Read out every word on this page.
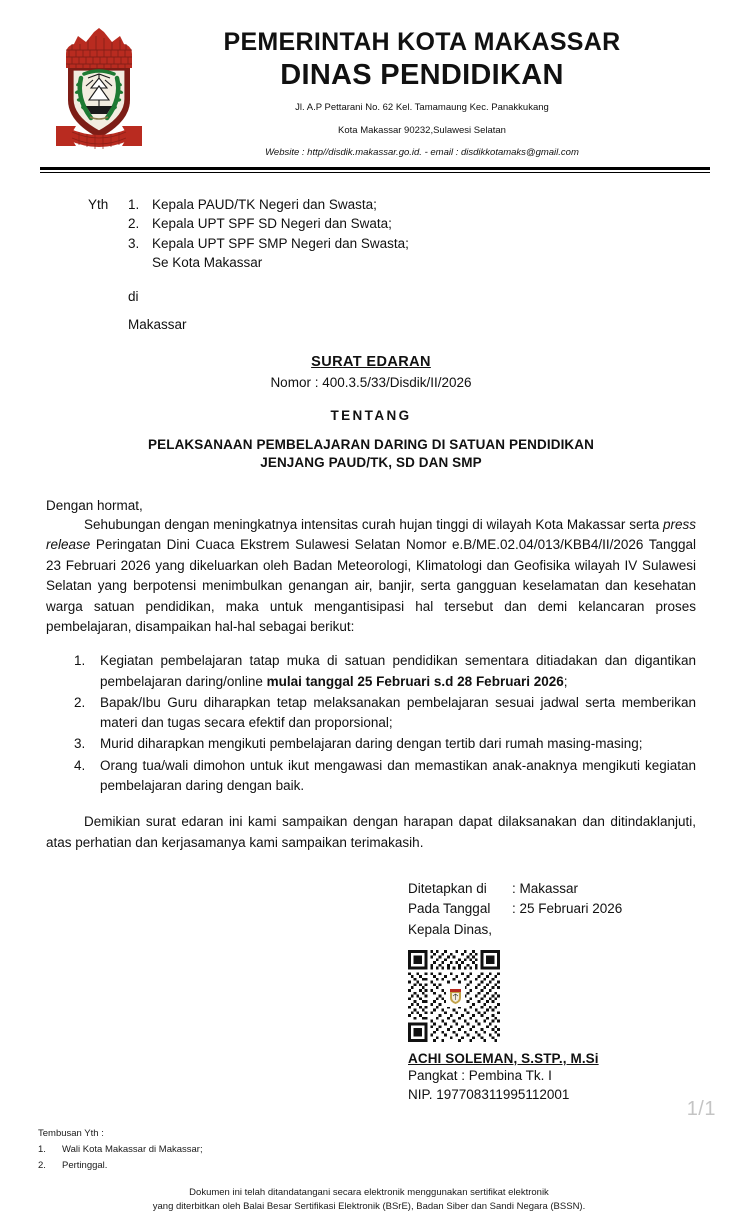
PEMERINTAH KOTA MAKASSAR
DINAS PENDIDIKAN
Jl. A.P Pettarani No. 62 Kel. Tamamaung Kec. Panakkukang
Kota Makassar 90232,Sulawesi Selatan
Website : http//disdik.makassar.go.id. - email : disdikkotamaks@gmail.com
Yth	1. Kepala PAUD/TK Negeri dan Swasta;
2. Kepala UPT SPF SD Negeri dan Swata;
3. Kepala UPT SPF SMP Negeri dan Swasta;
Se Kota Makassar
di
Makassar
SURAT EDARAN
Nomor : 400.3.5/33/Disdik/II/2026
TENTANG
PELAKSANAAN PEMBELAJARAN DARING DI SATUAN PENDIDIKAN
JENJANG PAUD/TK, SD DAN SMP
Dengan hormat,

Sehubungan dengan meningkatnya intensitas curah hujan tinggi di wilayah Kota Makassar serta press release Peringatan Dini Cuaca Ekstrem Sulawesi Selatan Nomor e.B/ME.02.04/013/KBB4/II/2026 Tanggal 23 Februari 2026 yang dikeluarkan oleh Badan Meteorologi, Klimatologi dan Geofisika wilayah IV Sulawesi Selatan yang berpotensi menimbulkan genangan air, banjir, serta gangguan keselamatan dan kesehatan warga satuan pendidikan, maka untuk mengantisipasi hal tersebut dan demi kelancaran proses pembelajaran, disampaikan hal-hal sebagai berikut:

Kegiatan pembelajaran tatap muka di satuan pendidikan sementara ditiadakan dan digantikan pembelajaran daring/online mulai tanggal 25 Februari s.d 28 Februari 2026;
Bapak/Ibu Guru diharapkan tetap melaksanakan pembelajaran sesuai jadwal serta memberikan materi dan tugas secara efektif dan proporsional;
Murid diharapkan mengikuti pembelajaran daring dengan tertib dari rumah masing-masing;
Orang tua/wali dimohon untuk ikut mengawasi dan memastikan anak-anaknya mengikuti kegiatan pembelajaran daring dengan baik.

Demikian surat edaran ini kami sampaikan dengan harapan dapat dilaksanakan dan ditindaklanjuti, atas perhatian dan kerjasamanya kami sampaikan terimakasih.

Ditetapkan di	: Makassar
Pada Tanggal	: 25 Februari 2026
Kepala Dinas,
ACHI SOLEMAN, S.STP., M.Si
Pangkat : Pembina Tk. I
NIP. 197708311995112001
Tembusan Yth :
1.	Wali Kota Makassar di Makassar;
2.	Pertinggal.
Dokumen ini telah ditandatangani secara elektronik menggunakan sertifikat elektronik
yang diterbitkan oleh Balai Besar Sertifikasi Elektronik (BSrE), Badan Siber dan Sandi Negara (BSSN).
1/1
